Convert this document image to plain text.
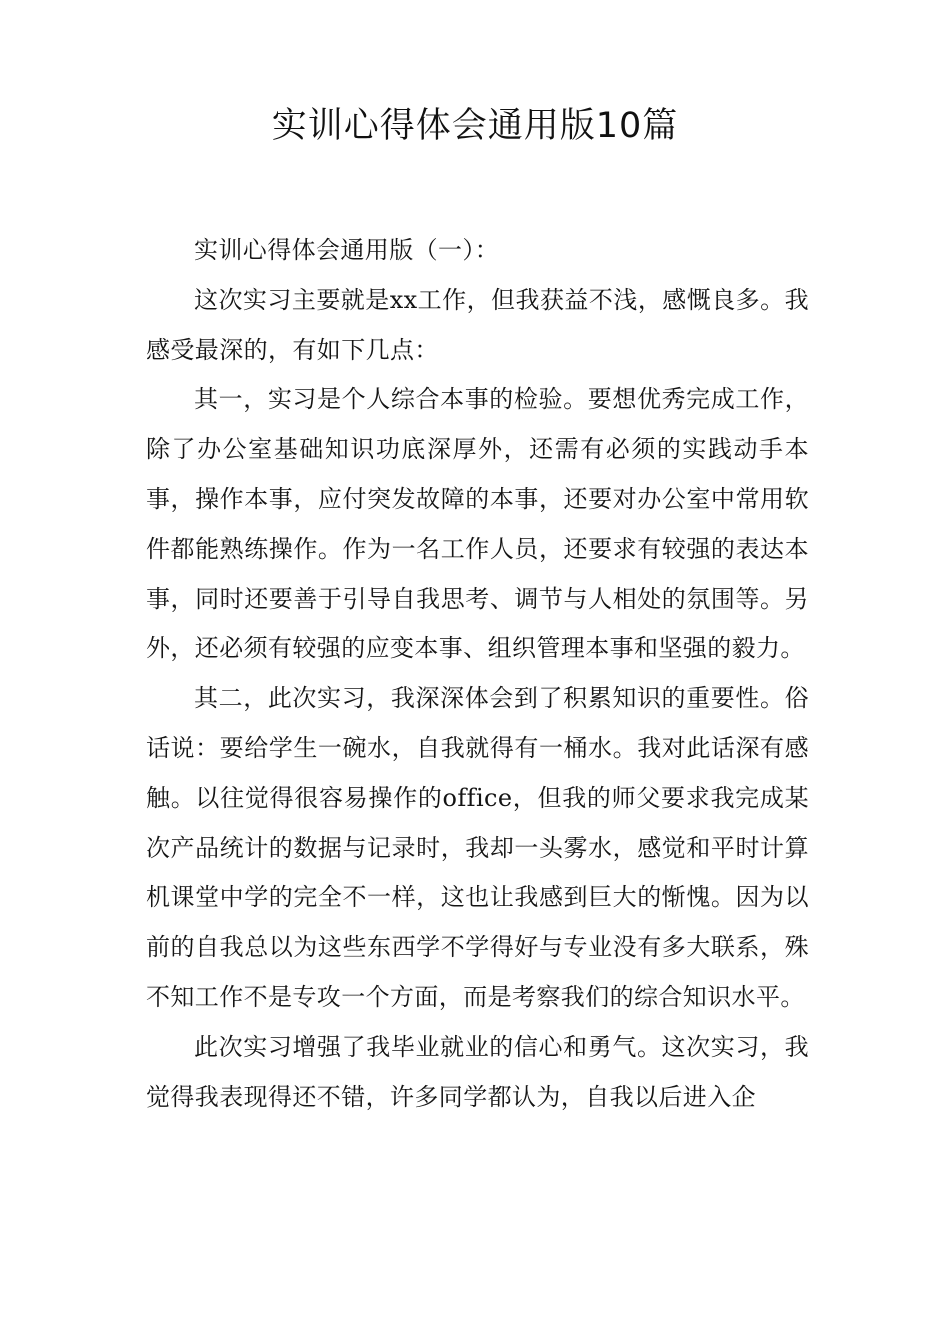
实训心得体会通用版10篇

实训心得体会通用版（一）：

这次实习主要就是xx工作，但我获益不浅，感慨良多。我感受最深的，有如下几点：

其一，实习是个人综合本事的检验。要想优秀完成工作，除了办公室基础知识功底深厚外，还需有必须的实践动手本事，操作本事，应付突发故障的本事，还要对办公室中常用软件都能熟练操作。作为一名工作人员，还要求有较强的表达本事，同时还要善于引导自我思考、调节与人相处的氛围等。另外，还必须有较强的应变本事、组织管理本事和坚强的毅力。

其二，此次实习，我深深体会到了积累知识的重要性。俗话说：要给学生一碗水，自我就得有一桶水。我对此话深有感触。以往觉得很容易操作的office，但我的师父要求我完成某次产品统计的数据与记录时，我却一头雾水，感觉和平时计算机课堂中学的完全不一样，这也让我感到巨大的惭愧。因为以前的自我总以为这些东西学不学得好与专业没有多大联系，殊不知工作不是专攻一个方面，而是考察我们的综合知识水平。

此次实习增强了我毕业就业的信心和勇气。这次实习，我觉得我表现得还不错，许多同学都认为，自我以后进入企
